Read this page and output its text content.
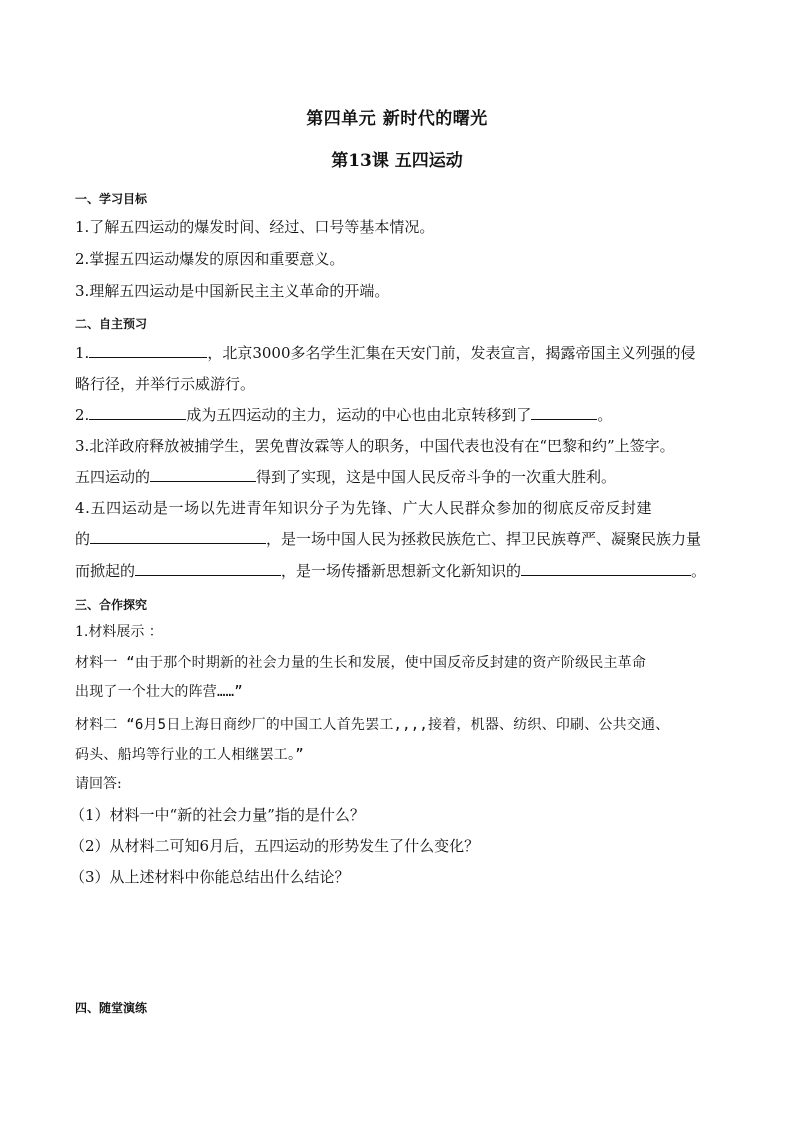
第四单元 新时代的曙光
第13课 五四运动
一、学习目标
1.了解五四运动的爆发时间、经过、口号等基本情况。
2.掌握五四运动爆发的原因和重要意义。
3.理解五四运动是中国新民主主义革命的开端。
二、自主预习
1.	，北京3000多名学生汇集在天安门前，发表宣言，揭露帝国主义列强的侵
略行径，并举行示威游行。
2.	成为五四运动的主力，运动的中心也由北京转移到了	。
3.北洋政府释放被捕学生，罢免曹汝霖等人的职务，中国代表也没有在“巴黎和约”上签字。
五四运动的	得到了实现，这是中国人民反帝斗争的一次重大胜利。
4.五四运动是一场以先进青年知识分子为先锋、广大人民群众参加的彻底反帝反封建
的	，是一场中国人民为拯救民族危亡、捍卫民族尊严、凝聚民族力量
而掀起的	，是一场传播新思想新文化新知识的	。
三、合作探究
1.材料展示 ：
材料一 “由于那个时期新的社会力量的生长和发展，使中国反帝反封建的资产阶级民主革命
出现了一个壮大的阵营……”
材料二 “6月5日上海日商纱厂的中国工人首先罢工,,,,接着，机器、纺织、印刷、公共交通、
码头、船坞等行业的工人相继罢工。”
请回答:
（1）材料一中“新的社会力量”指的是什么？
（2）从材料二可知6月后，五四运动的形势发生了什么变化？
（3）从上述材料中你能总结出什么结论？
四、随堂演练
